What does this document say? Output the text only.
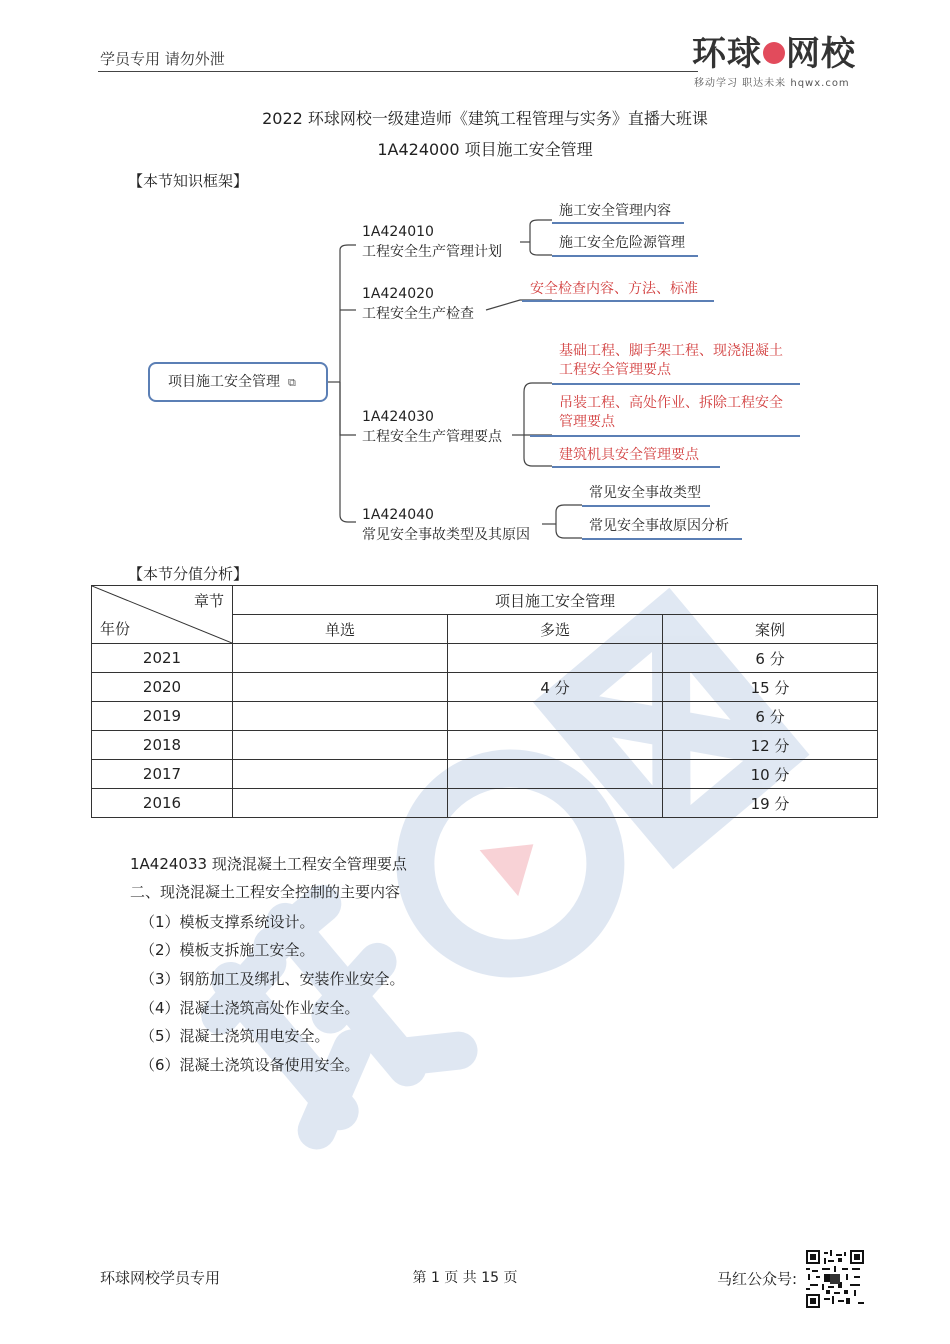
学员专用 请勿外泄	环球 网校
移动学习 职达未来 hqwx.com
2022 环球网校一级建造师《建筑工程管理与实务》直播大班课
1A424000 项目施工安全管理
【本节知识框架】
项目施工安全管理 ⧉
1A424010
工程安全生产管理计划
施工安全管理内容
施工安全危险源管理
1A424020
工程安全生产检查
安全检查内容、方法、标准
1A424030
工程安全生产管理要点
基础工程、脚手架工程、现浇混凝土
工程安全管理要点
吊装工程、高处作业、拆除工程安全
管理要点
建筑机具安全管理要点
1A424040
常见安全事故类型及其原因
常见安全事故类型
常见安全事故原因分析
【本节分值分析】
章节
年份	项目施工安全管理		
	单选	多选	案例
2021			6 分
2020		4 分	15 分
2019			6 分
2018			12 分
2017			10 分
2016			19 分
1A424033 现浇混凝土工程安全管理要点
二、现浇混凝土工程安全控制的主要内容
（1）模板支撑系统设计。
（2）模板支拆施工安全。
（3）钢筋加工及绑扎、安装作业安全。
（4）混凝土浇筑高处作业安全。
（5）混凝土浇筑用电安全。
（6）混凝土浇筑设备使用安全。
环球网校学员专用	第 1 页 共 15 页	马红公众号:
